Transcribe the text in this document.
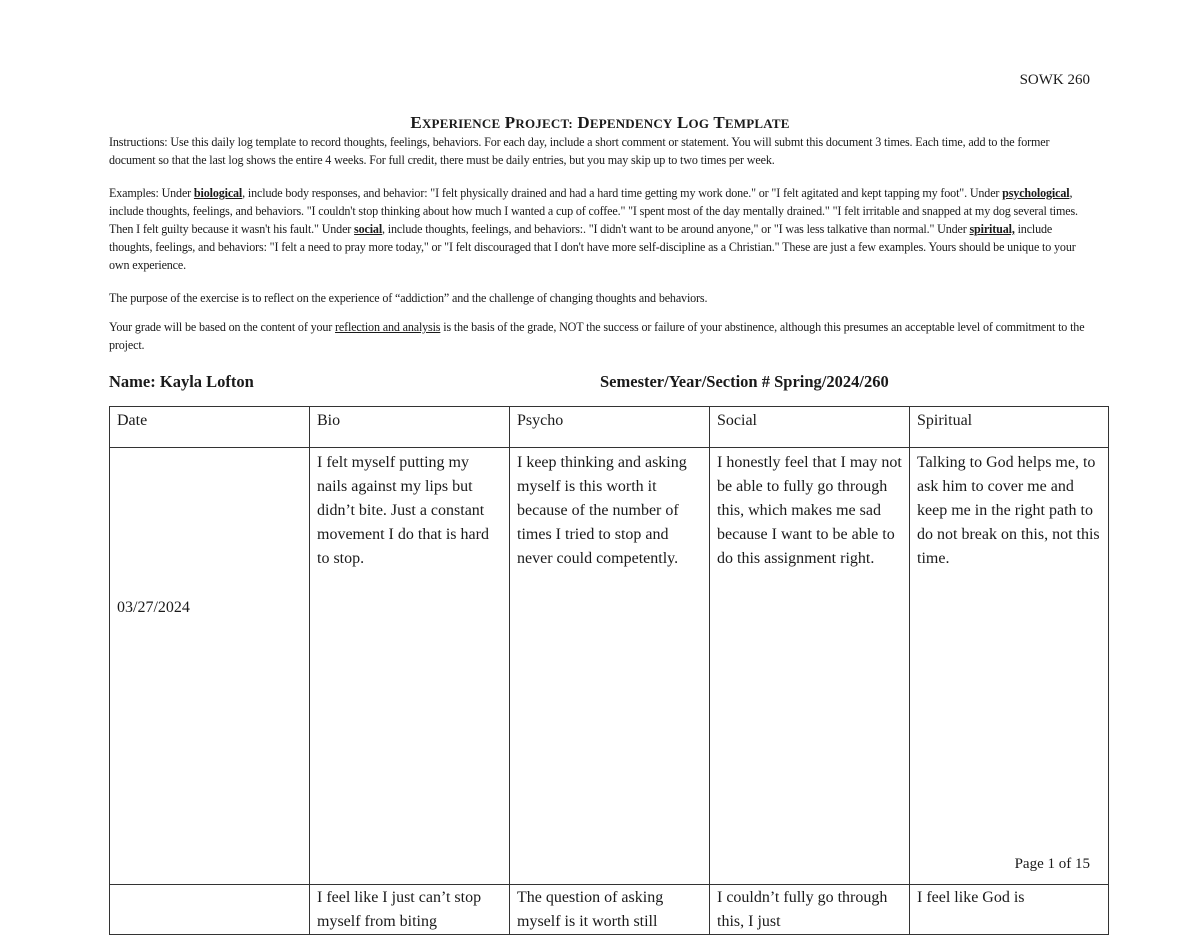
SOWK 260
EXPERIENCE PROJECT: DEPENDENCY LOG TEMPLATE
Instructions: Use this daily log template to record thoughts, feelings, behaviors. For each day, include a short comment or statement. You will submt this document 3 times. Each time, add to the former document so that the last log shows the entire 4 weeks. For full credit, there must be daily entries, but you may skip up to two times per week.
Examples: Under biological, include body responses, and behavior: "I felt physically drained and had a hard time getting my work done." or "I felt agitated and kept tapping my foot". Under psychological, include thoughts, feelings, and behaviors. "I couldn't stop thinking about how much I wanted a cup of coffee." "I spent most of the day mentally drained." "I felt irritable and snapped at my dog several times. Then I felt guilty because it wasn't his fault." Under social, include thoughts, feelings, and behaviors:. "I didn't want to be around anyone," or "I was less talkative than normal." Under spiritual, include thoughts, feelings, and behaviors: "I felt a need to pray more today," or "I felt discouraged that I don't have more self-discipline as a Christian." These are just a few examples. Yours should be unique to your own experience.
The purpose of the exercise is to reflect on the experience of “addiction” and the challenge of changing thoughts and behaviors.
Your grade will be based on the content of your reflection and analysis is the basis of the grade, NOT the success or failure of your abstinence, although this presumes an acceptable level of commitment to the project.
Name: Kayla Lofton	Semester/Year/Section # Spring/2024/260
Date	Bio	Psycho	Social	Spiritual
03/27/2024	I felt myself putting my nails against my lips but didn’t bite. Just a constant movement I do that is hard to stop.	I keep thinking and asking myself is this worth it because of the number of times I tried to stop and never could competently.	I honestly feel that I may not be able to fully go through this, which makes me sad because I want to be able to do this assignment right.	Talking to God helps me, to ask him to cover me and keep me in the right path to do not break on this, not this time.
	I feel like I just can’t stop myself from biting	The question of asking myself is it worth still	I couldn’t fully go through this, I just	I feel like God is
Page 1 of 15
